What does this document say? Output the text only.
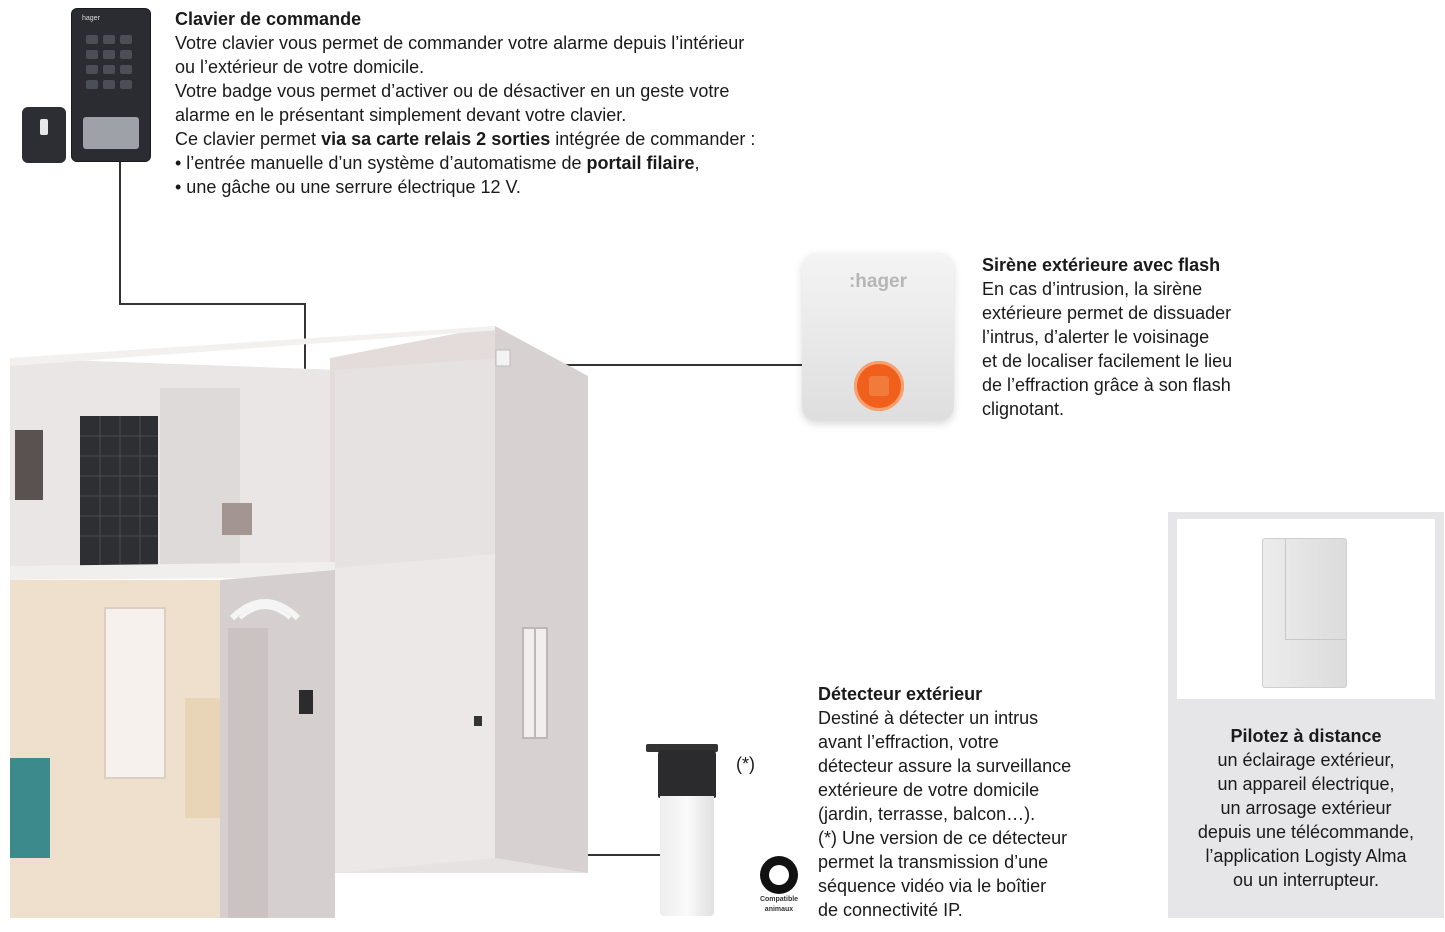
hager	Clavier de commande
Votre clavier vous permet de commander votre alarme depuis l’intérieur
ou l’extérieur de votre domicile.
Votre badge vous permet d’activer ou de désactiver en un geste votre
alarme en le présentant simplement devant votre clavier.
Ce clavier permet via sa carte relais 2 sorties intégrée de commander :
• l’entrée manuelle d’un système d’automatisme de portail filaire,
• une gâche ou une serrure électrique 12 V.
:hager
Sirène extérieure avec flash
En cas d’intrusion, la sirène
extérieure permet de dissuader
l’intrus, d’alerter le voisinage
et de localiser facilement le lieu
de l’effraction grâce à son flash
clignotant.
Pilotez à distance
un éclairage extérieur,
un appareil électrique,
un arrosage extérieur
depuis une télécommande,
l’application Logisty Alma
ou un interrupteur.
(*)
Compatible
animaux
Détecteur extérieur
Destiné à détecter un intrus
avant l’effraction, votre
détecteur assure la surveillance
extérieure de votre domicile
(jardin, terrasse, balcon…).
(*) Une version de ce détecteur
permet la transmission d’une
séquence vidéo via le boîtier
de connectivité IP.
